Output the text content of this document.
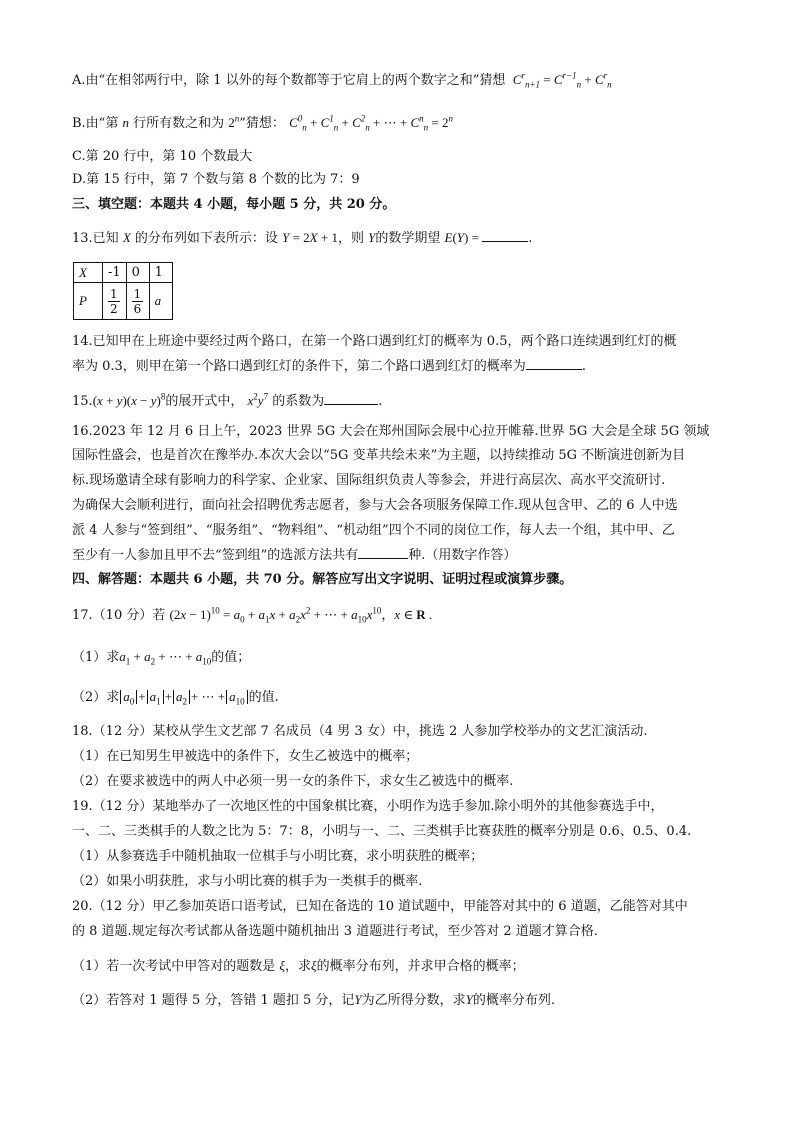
A.由“在相邻两行中，除 1 以外的每个数都等于它肩上的两个数字之和”猜想  $C^r_{n+1} = C^{r-1}_n + C^r_n$
B.由“第 n 行所有数之和为 2$^n$”猜想： $C^0_n + C^1_n + C^2_n$ + ⋯ + $C^n_n = 2^n$
C.第 20 行中，第 10 个数最大
D.第 15 行中，第 7 个数与第 8 个数的比为 7：9
三、填空题：本题共 4 小题，每小题 5 分，共 20 分。
13.已知 X 的分布列如下表所示：设 Y = 2X + 1，则 Y的数学期望 E(Y) =	.
X	-1	0	1
P	$\frac{1}{2}$	$\frac{1}{6}$	a
14.已知甲在上班途中要经过两个路口，在第一个路口遇到红灯的概率为 0.5，两个路口连续遇到红灯的概
率为 0.3，则甲在第一个路口遇到红灯的条件下，第二个路口遇到红灯的概率为	.
$15.(x + y)(x - y)^8$的展开式中， $x^2y^7$ 的系数为	.
16.2023 年 12 月 6 日上午，2023 世界 5G 大会在郑州国际会展中心拉开帷幕.世界 5G 大会是全球 5G 领域
国际性盛会，也是首次在豫举办.本次大会以“5G 变革共绘未来”为主题，以持续推动 5G 不断演进创新为目
标.现场邀请全球有影响力的科学家、企业家、国际组织负责人等参会，并进行高层次、高水平交流研讨.
为确保大会顺利进行，面向社会招聘优秀志愿者，参与大会各项服务保障工作.现从包含甲、乙的 6 人中选
派 4 人参与“签到组”、“服务组”、“物料组”、“机动组”四个不同的岗位工作，每人去一个组，其中甲、乙
至少有一人参加且甲不去“签到组”的选派方法共有	种.（用数字作答）
四、解答题：本题共 6 小题，共 70 分。解答应写出文字说明、证明过程或演算步骤。
17.（10 分）若 $(2x - 1)^{10} = a_0 + a_1x + a_2x^2$ + ⋯ + $a_{10}x^{10}$，x ∈ R .
（1）求$a_1 + a_2$ + ⋯ + $a_{10}$的值；
（2）求 $a_0 + a_1 + a_2$ + ⋯ + $a_{10}$ 的值.
18.（12 分）某校从学生文艺部 7 名成员（4 男 3 女）中，挑选 2 人参加学校举办的文艺汇演活动.
（1）在已知男生甲被选中的条件下，女生乙被选中的概率；
（2）在要求被选中的两人中必须一男一女的条件下，求女生乙被选中的概率.
19.（12 分）某地举办了一次地区性的中国象棋比赛，小明作为选手参加.除小明外的其他参赛选手中，
一、二、三类棋手的人数之比为 5：7：8，小明与一、二、三类棋手比赛获胜的概率分别是 0.6、0.5、0.4.
（1）从参赛选手中随机抽取一位棋手与小明比赛，求小明获胜的概率；
（2）如果小明获胜，求与小明比赛的棋手为一类棋手的概率.
20.（12 分）甲乙参加英语口语考试，已知在备选的 10 道试题中，甲能答对其中的 6 道题，乙能答对其中
的 8 道题.规定每次考试都从备选题中随机抽出 3 道题进行考试，至少答对 2 道题才算合格.
（1）若一次考试中甲答对的题数是 ξ，求ξ的概率分布列，并求甲合格的概率；
（2）若答对 1 题得 5 分，答错 1 题扣 5 分，记Y为乙所得分数，求Y的概率分布列.
